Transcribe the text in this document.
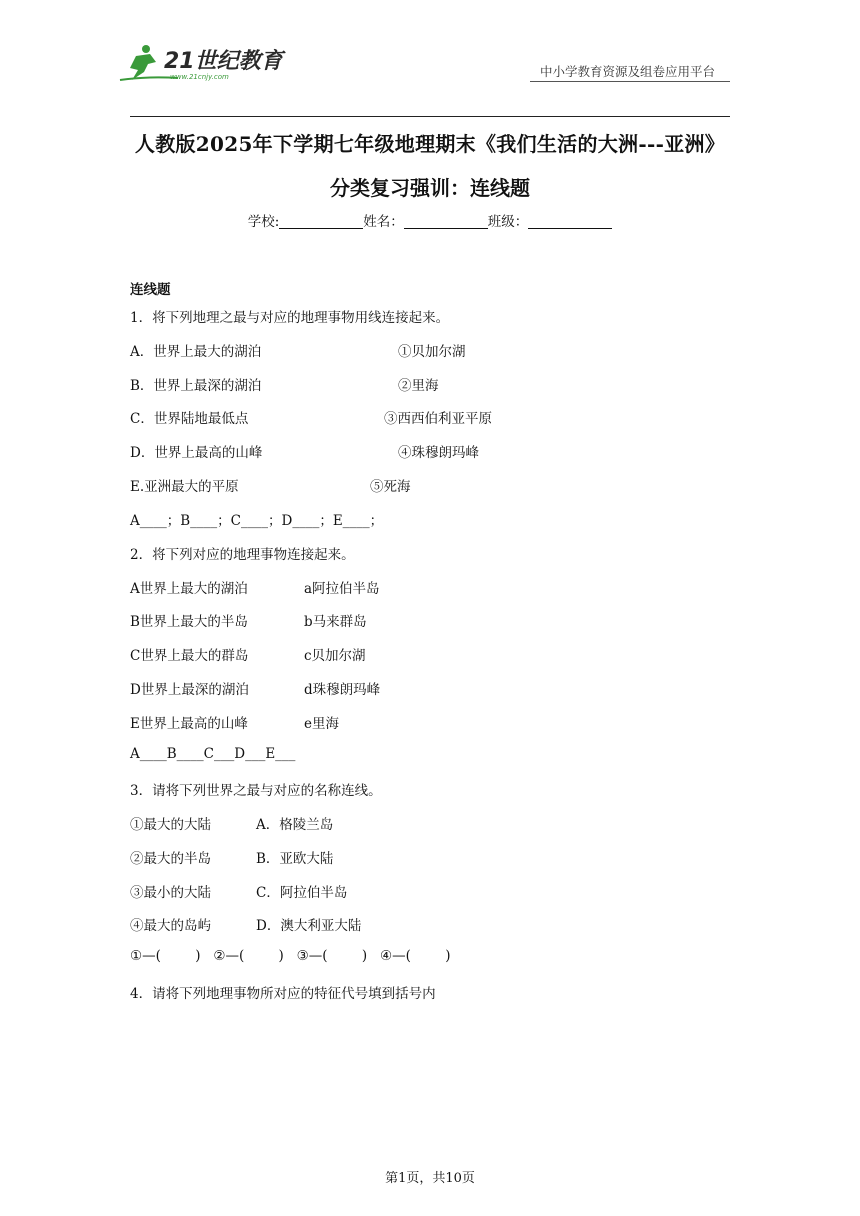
21世纪教育
www.21cnjy.com	中小学教育资源及组卷应用平台
人教版2025年下学期七年级地理期末《我们生活的大洲---亚洲》
分类复习强训：连线题
学校:	姓名：	班级：
连线题
1．将下列地理之最与对应的地理事物用线连接起来。
A．世界上最大的湖泊	①贝加尔湖
B．世界上最深的湖泊	②里海
C．世界陆地最低点	③西西伯利亚平原
D．世界上最高的山峰	④珠穆朗玛峰
E.亚洲最大的平原	⑤死海
A____；B____；C____；D____；E____；
2．将下列对应的地理事物连接起来。
A世界上最大的湖泊	a阿拉伯半岛
B世界上最大的半岛	b马来群岛
C世界上最大的群岛	c贝加尔湖
D世界上最深的湖泊	d珠穆朗玛峰
E世界上最高的山峰	e里海
A____B____C___D___E___
3．请将下列世界之最与对应的名称连线。
①最大的大陆	A．格陵兰岛
②最大的半岛	B．亚欧大陆
③最小的大陆	C．阿拉伯半岛
④最大的岛屿	D．澳大利亚大陆
①—(        )   ②—(        )   ③—(        )   ④—(        )
4．请将下列地理事物所对应的特征代号填到括号内
第1页，共10页
